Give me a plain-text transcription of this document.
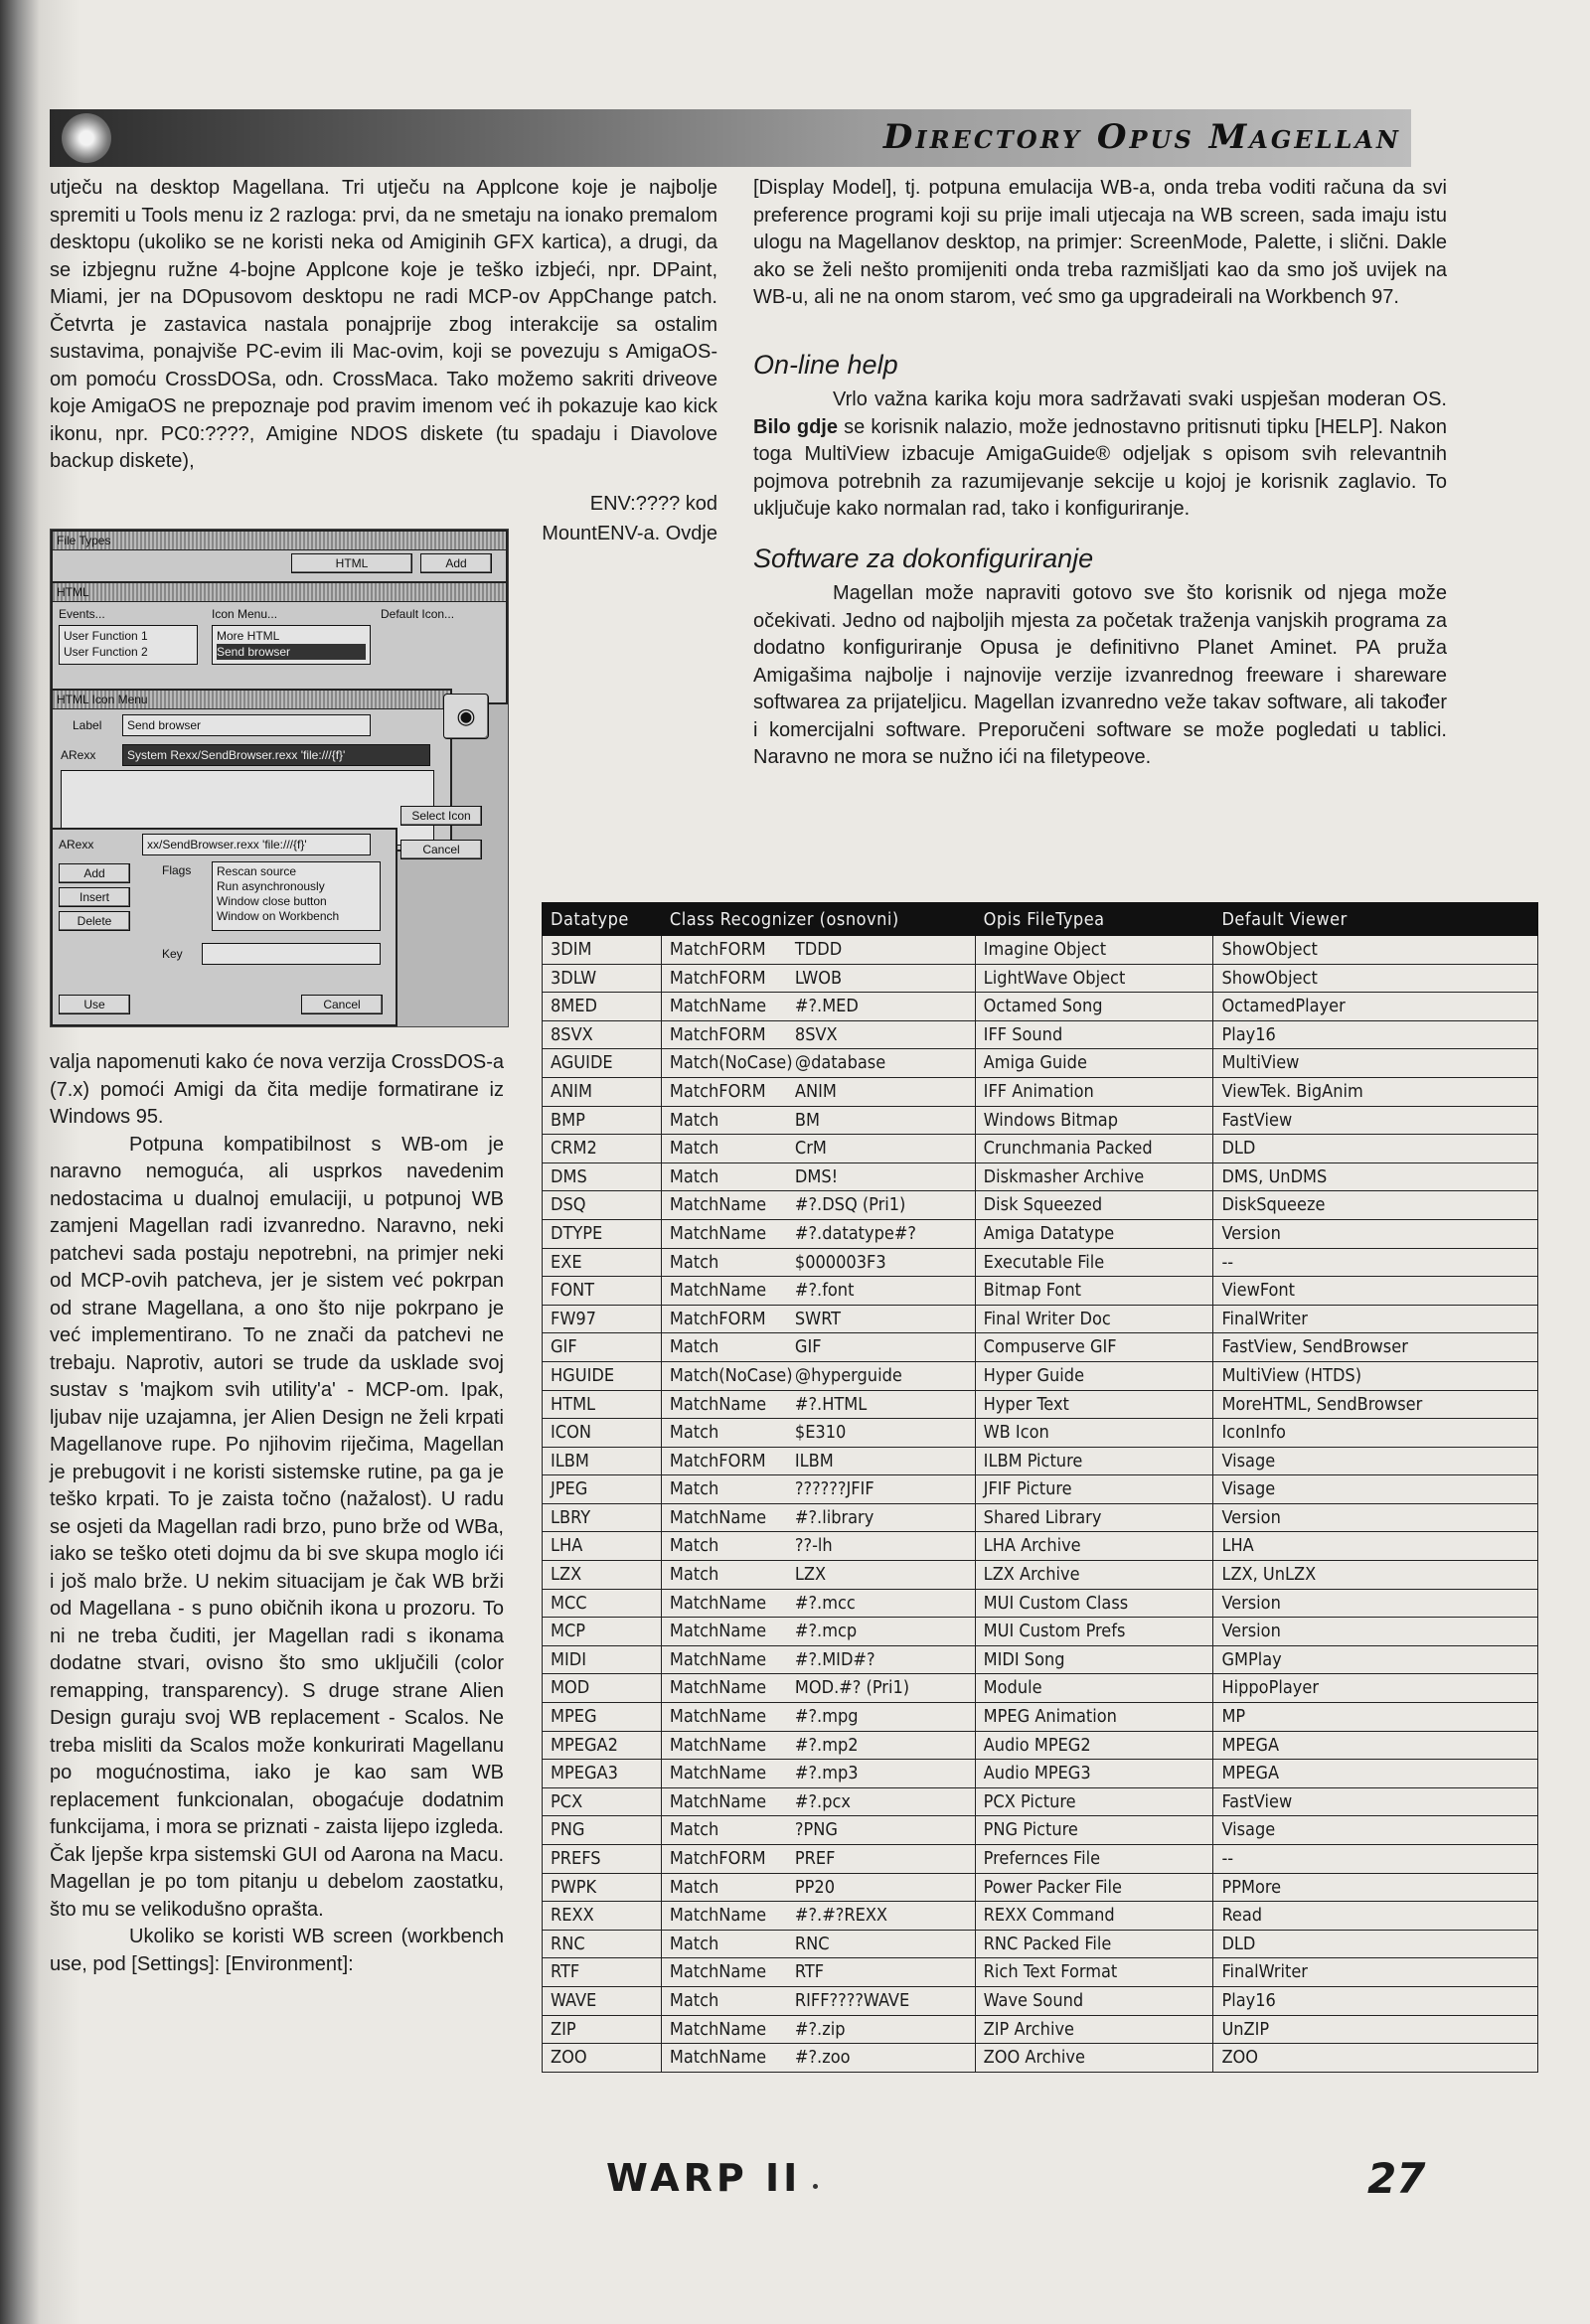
Directory Opus Magellan

utječu na desktop Magellana. Tri utječu na Applcone koje je najbolje spremiti u Tools menu iz 2 razloga: prvi, da ne smetaju na ionako premalom desktopu (ukoliko se ne koristi neka od Amiginih GFX kartica), a drugi, da se izbjegnu ružne 4-bojne Applcone koje je teško izbjeći, npr. DPaint, Miami, jer na DOpusovom desktopu ne radi MCP-ov AppChange patch. Četvrta je zastavica nastala ponajprije zbog interakcije sa ostalim sustavima, ponajviše PC-evim ili Mac-ovim, koji se povezuju s AmigaOS-om pomoću CrossDOSa, odn. CrossMaca. Tako možemo sakriti driveove koje AmigaOS ne prepoznaje pod pravim imenom već ih pokazuje kao kick ikonu, npr. PC0:????, Amigine NDOS diskete (tu spadaju i Diavolove backup diskete),

ENV:???? kod
MountENV-a. Ovdje

[Display Model], tj. potpuna emulacija WB-a, onda treba voditi računa da svi preference programi koji su prije imali utjecaja na WB screen, sada imaju istu ulogu na Magellanov desktop, na primjer: ScreenMode, Palette, i slični. Dakle ako se želi nešto promijeniti onda treba razmišljati kao da smo još uvijek na WB-u, ali ne na onom starom, već smo ga upgradeirali na Workbench 97.

On-line help

Vrlo važna karika koju mora sadržavati svaki uspješan moderan OS. Bilo gdje se korisnik nalazio, može jednostavno pritisnuti tipku [HELP]. Nakon toga MultiView izbacuje AmigaGuide® odjeljak s opisom svih relevantnih pojmova potrebnih za razumijevanje sekcije u kojoj je korisnik zaglavio. To uključuje kako normalan rad, tako i konfiguriranje.

Software za dokonfiguriranje

Magellan može napraviti gotovo sve što korisnik od njega može očekivati. Jedno od najboljih mjesta za početak traženja vanjskih programa za dodatno konfiguriranje Opusa je definitivno Planet Aminet. PA pruža Amigašima najbolje i najnovije verzije izvanrednog freeware i shareware softwarea za prijateljicu. Magellan izvanredno veže takav software, ali također i komercijalni software. Preporučeni software se može pogledati u tablici. Naravno ne mora se nužno ići na filetypeove.

File Types
HTML	Add
HTML
Events...	Icon Menu...	Default Icon...
User Function 1
User Function 2
More HTML
Send browser
HTML Icon Menu
Label	Send browser
ARexx	System Rexx/SendBrowser.rexx 'file:///{f}'
◉
Select Icon
Cancel
ARexx	xx/SendBrowser.rexx 'file:///{f}'
Add
Insert
Delete
Flags Rescan source
Run asynchronously
Window close button
Window on Workbench
Key
Use	Cancel

valja napomenuti kako će nova verzija CrossDOS-a (7.x) pomoći Amigi da čita medije formatirane iz Windows 95.

Potpuna kompatibilnost s WB-om je naravno nemoguća, ali usprkos navedenim nedostacima u dualnoj emulaciji, u potpunoj WB zamjeni Magellan radi izvanredno. Naravno, neki patchevi sada postaju nepotrebni, na primjer neki od MCP-ovih patcheva, jer je sistem već pokrpan od strane Magellana, a ono što nije pokrpano je već implementirano. To ne znači da patchevi ne trebaju. Naprotiv, autori se trude da usklade svoj sustav s 'majkom svih utility'a' - MCP-om. Ipak, ljubav nije uzajamna, jer Alien Design ne želi krpati Magellanove rupe. Po njihovim riječima, Magellan je prebugovit i ne koristi sistemske rutine, pa ga je teško krpati. To je zaista točno (nažalost). U radu se osjeti da Magellan radi brzo, puno brže od WBa, iako se teško oteti dojmu da bi sve skupa moglo ići i još malo brže. U nekim situacijam je čak WB brži od Magellana - s puno običnih ikona u prozoru. To ni ne treba čuditi, jer Magellan radi s ikonama dodatne stvari, ovisno što smo uključili (color remapping, transparency). S druge strane Alien Design guraju svoj WB replacement - Scalos. Ne treba misliti da Scalos može konkurirati Magellanu po mogućnostima, iako je kao sam WB replacement funkcionalan, obogaćuje dodatnim funkcijama, i mora se priznati - zaista lijepo izgleda. Čak ljepše krpa sistemski GUI od Aarona na Macu. Magellan je po tom pitanju u debelom zaostatku, što mu se velikodušno oprašta.

Ukoliko se koristi WB screen (workbench use, pod [Settings]: [Environment]:

Datatype	Class Recognizer (osnovni)	Opis FileTypea	Default Viewer
3DIM	MatchFORM TDDD	Imagine Object	ShowObject
3DLW	MatchFORM LWOB	LightWave Object	ShowObject
8MED	MatchName #?.MED	Octamed Song	OctamedPlayer
8SVX	MatchFORM 8SVX	IFF Sound	Play16
AGUIDE	Match(NoCase) @database	Amiga Guide	MultiView
ANIM	MatchFORM ANIM	IFF Animation	ViewTek. BigAnim
BMP	Match BM	Windows Bitmap	FastView
CRM2	Match CrM	Crunchmania Packed	DLD
DMS	Match DMS!	Diskmasher Archive	DMS, UnDMS
DSQ	MatchName #?.DSQ (Pri1)	Disk Squeezed	DiskSqueeze
DTYPE	MatchName #?.datatype#?	Amiga Datatype	Version
EXE	Match $000003F3	Executable File	--
FONT	MatchName #?.font	Bitmap Font	ViewFont
FW97	MatchFORM SWRT	Final Writer Doc	FinalWriter
GIF	Match GIF	Compuserve GIF	FastView, SendBrowser
HGUIDE	Match(NoCase) @hyperguide	Hyper Guide	MultiView (HTDS)
HTML	MatchName #?.HTML	Hyper Text	MoreHTML, SendBrowser
ICON	Match $E310	WB Icon	IconInfo
ILBM	MatchFORM ILBM	ILBM Picture	Visage
JPEG	Match ??????JFIF	JFIF Picture	Visage
LBRY	MatchName #?.library	Shared Library	Version
LHA	Match ??-lh	LHA Archive	LHA
LZX	Match LZX	LZX Archive	LZX, UnLZX
MCC	MatchName #?.mcc	MUI Custom Class	Version
MCP	MatchName #?.mcp	MUI Custom Prefs	Version
MIDI	MatchName #?.MID#?	MIDI Song	GMPlay
MOD	MatchName MOD.#? (Pri1)	Module	HippoPlayer
MPEG	MatchName #?.mpg	MPEG Animation	MP
MPEGA2	MatchName #?.mp2	Audio MPEG2	MPEGA
MPEGA3	MatchName #?.mp3	Audio MPEG3	MPEGA
PCX	MatchName #?.pcx	PCX Picture	FastView
PNG	Match ?PNG	PNG Picture	Visage
PREFS	MatchFORM PREF	Prefernces File	--
PWPK	Match PP20	Power Packer File	PPMore
REXX	MatchName #?.#?REXX	REXX Command	Read
RNC	Match RNC	RNC Packed File	DLD
RTF	MatchName RTF	Rich Text Format	FinalWriter
WAVE	Match RIFF????WAVE	Wave Sound	Play16
ZIP	MatchName #?.zip	ZIP Archive	UnZIP
ZOO	MatchName #?.zoo	ZOO Archive	ZOO
WARP II	27
